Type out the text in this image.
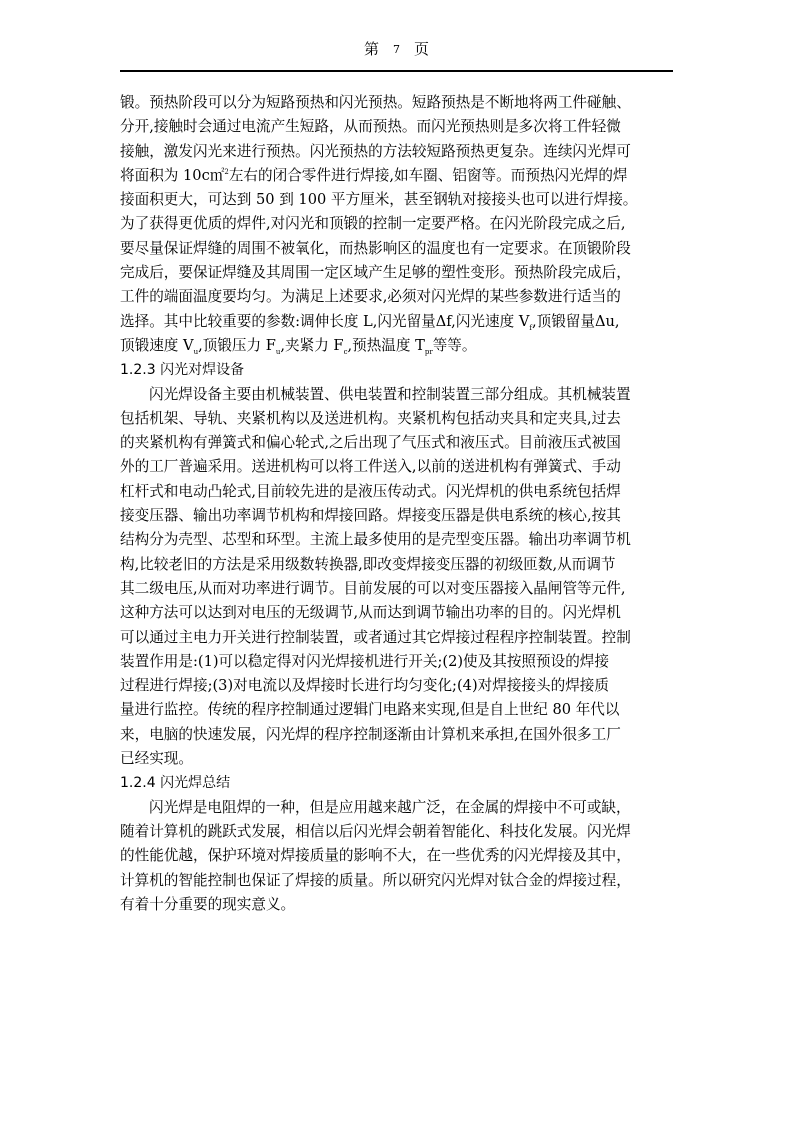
第 7 页
锻。预热阶段可以分为短路预热和闪光预热。短路预热是不断地将两工件碰触、
分开,接触时会通过电流产生短路，从而预热。而闪光预热则是多次将工件轻微
接触，激发闪光来进行预热。闪光预热的方法较短路预热更复杂。连续闪光焊可
将面积为 10c㎡$^2$左右的闭合零件进行焊接,如车圈、铝窗等。而预热闪光焊的焊
接面积更大，可达到 50 到 100 平方厘米，甚至钢轨对接接头也可以进行焊接。
为了获得更优质的焊件,对闪光和顶锻的控制一定要严格。在闪光阶段完成之后,
要尽量保证焊缝的周围不被氧化，而热影响区的温度也有一定要求。在顶锻阶段
完成后，要保证焊缝及其周围一定区域产生足够的塑性变形。预热阶段完成后，
工件的端面温度要均匀。为满足上述要求,必须对闪光焊的某些参数进行适当的
选择。其中比较重要的参数:调伸长度 L,闪光留量Δf,闪光速度 $V_f$,顶锻留量Δu,
顶锻速度 $V_u$,顶锻压力 $F_u$,夹紧力 $F_c$,预热温度 $T_{pr}$等等。
1.2.3 闪光对焊设备
闪光焊设备主要由机械装置、供电装置和控制装置三部分组成。其机械装置
包括机架、导轨、夹紧机构以及送进机构。夹紧机构包括动夹具和定夹具,过去
的夹紧机构有弹簧式和偏心轮式,之后出现了气压式和液压式。目前液压式被国
外的工厂普遍采用。送进机构可以将工件送入,以前的送进机构有弹簧式、手动
杠杆式和电动凸轮式,目前较先进的是液压传动式。闪光焊机的供电系统包括焊
接变压器、输出功率调节机构和焊接回路。焊接变压器是供电系统的核心,按其
结构分为壳型、芯型和环型。主流上最多使用的是壳型变压器。输出功率调节机
构,比较老旧的方法是采用级数转换器,即改变焊接变压器的初级匝数,从而调节
其二级电压,从而对功率进行调节。目前发展的可以对变压器接入晶闸管等元件,
这种方法可以达到对电压的无级调节,从而达到调节输出功率的目的。闪光焊机
可以通过主电力开关进行控制装置，或者通过其它焊接过程程序控制装置。控制
装置作用是:(1)可以稳定得对闪光焊接机进行开关;(2)使及其按照预设的焊接
过程进行焊接;(3)对电流以及焊接时长进行均匀变化;(4)对焊接接头的焊接质
量进行监控。传统的程序控制通过逻辑门电路来实现,但是自上世纪 80 年代以
来，电脑的快速发展，闪光焊的程序控制逐渐由计算机来承担,在国外很多工厂
已经实现。
1.2.4 闪光焊总结
闪光焊是电阻焊的一种，但是应用越来越广泛，在金属的焊接中不可或缺，
随着计算机的跳跃式发展，相信以后闪光焊会朝着智能化、科技化发展。闪光焊
的性能优越，保护环境对焊接质量的影响不大，在一些优秀的闪光焊接及其中，
计算机的智能控制也保证了焊接的质量。所以研究闪光焊对钛合金的焊接过程，
有着十分重要的现实意义。
